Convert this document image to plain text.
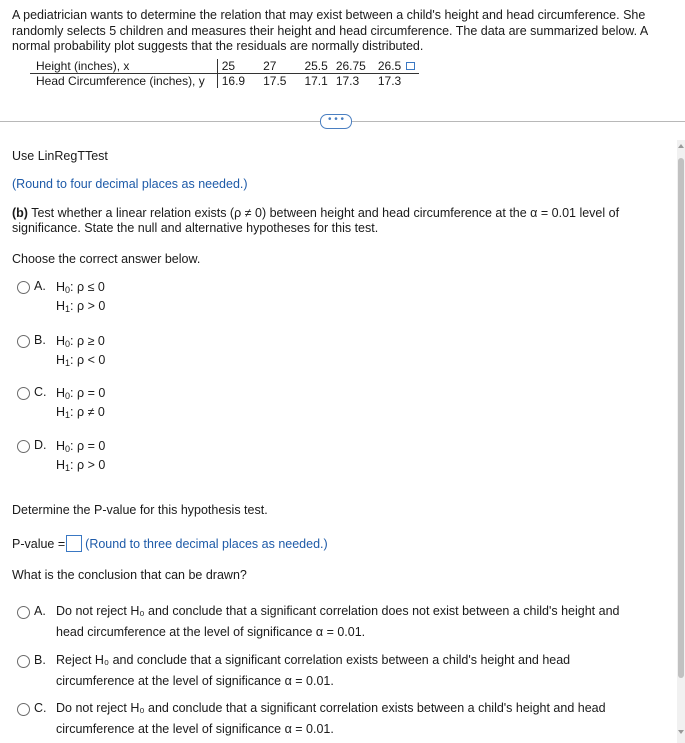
A pediatrician wants to determine the relation that may exist between a child's height and head circumference. She randomly selects 5 children and measures their height and head circumference. The data are summarized below. A normal probability plot suggests that the residuals are normally distributed.
Height (inches), x	25	27	25.5	26.75	26.5
Head Circumference (inches), y	16.9	17.5	17.1	17.3	17.3
• • •
Use LinRegTTest
(Round to four decimal places as needed.)
(b) Test whether a linear relation exists (ρ ≠ 0) between height and head circumference at the α = 0.01 level of significance. State the null and alternative hypotheses for this test.
Choose the correct answer below.
A. $H_0$: ρ ≤ 0
$H_1$: ρ > 0
B. $H_0$: ρ ≥ 0
$H_1$: ρ < 0
C. $H_0$: ρ = 0
$H_1$: ρ ≠ 0
D. $H_0$: ρ = 0
$H_1$: ρ > 0
Determine the P-value for this hypothesis test.
P-value = (Round to three decimal places as needed.)
What is the conclusion that can be drawn?
A. Do not reject H₀ and conclude that a significant correlation does not exist between a child's height and
head circumference at the level of significance α = 0.01.
B. Reject H₀ and conclude that a significant correlation exists between a child's height and head
circumference at the level of significance α = 0.01.
C. Do not reject H₀ and conclude that a significant correlation exists between a child's height and head
circumference at the level of significance α = 0.01.
